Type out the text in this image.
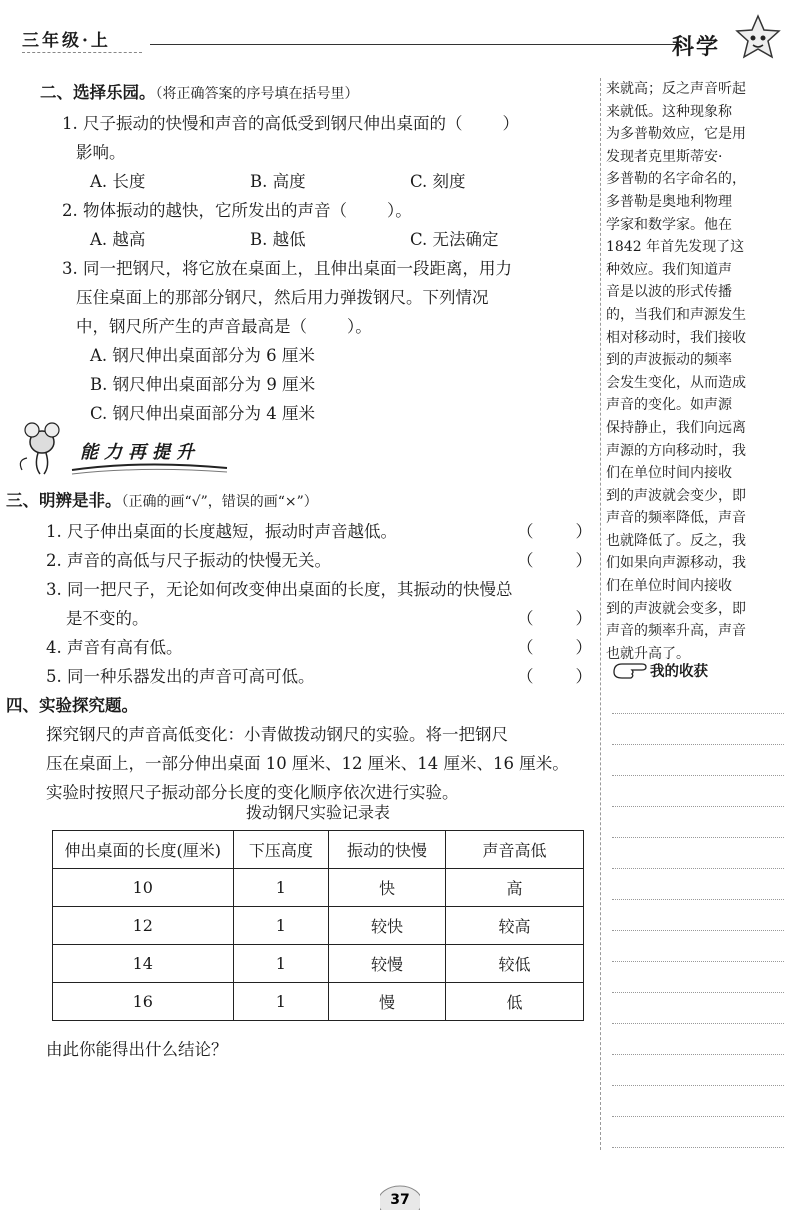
三年级·上	科学
二、选择乐园。（将正确答案的序号填在括号里）
1. 尺子振动的快慢和声音的高低受到钢尺伸出桌面的（ ）
影响。
A. 长度	B. 高度	C. 刻度
2. 物体振动的越快，它所发出的声音（ ）。
A. 越高	B. 越低	C. 无法确定
3. 同一把钢尺，将它放在桌面上，且伸出桌面一段距离，用力
压住桌面上的那部分钢尺，然后用力弹拨钢尺。下列情况
中，钢尺所产生的声音最高是（ ）。
A. 钢尺伸出桌面部分为 6 厘米
B. 钢尺伸出桌面部分为 9 厘米
C. 钢尺伸出桌面部分为 4 厘米
能力再提升
三、明辨是非。（正确的画“√”，错误的画“×”）
1. 尺子伸出桌面的长度越短，振动时声音越低。	（        ）
2. 声音的高低与尺子振动的快慢无关。	（        ）
3. 同一把尺子，无论如何改变伸出桌面的长度，其振动的快慢总
是不变的。	（        ）
4. 声音有高有低。	（        ）
5. 同一种乐器发出的声音可高可低。	（        ）
四、实验探究题。
探究钢尺的声音高低变化：小青做拨动钢尺的实验。将一把钢尺
压在桌面上，一部分伸出桌面 10 厘米、12 厘米、14 厘米、16 厘米。
实验时按照尺子振动部分长度的变化顺序依次进行实验。
拨动钢尺实验记录表
伸出桌面的长度(厘米)	下压高度	振动的快慢	声音高低
10	1	快	高
12	1	较快	较高
14	1	较慢	较低
16	1	慢	低
由此你能得出什么结论？
来就高；反之声音听起
来就低。这种现象称
为多普勒效应，它是用
发现者克里斯蒂安·
多普勒的名字命名的，
多普勒是奥地利物理
学家和数学家。他在
1842 年首先发现了这
种效应。我们知道声
音是以波的形式传播
的，当我们和声源发生
相对移动时，我们接收
到的声波振动的频率
会发生变化，从而造成
声音的变化。如声源
保持静止，我们向远离
声源的方向移动时，我
们在单位时间内接收
到的声波就会变少，即
声音的频率降低，声音
也就降低了。反之，我
们如果向声源移动，我
们在单位时间内接收
到的声波就会变多，即
声音的频率升高，声音
也就升高了。
我的收获
37
